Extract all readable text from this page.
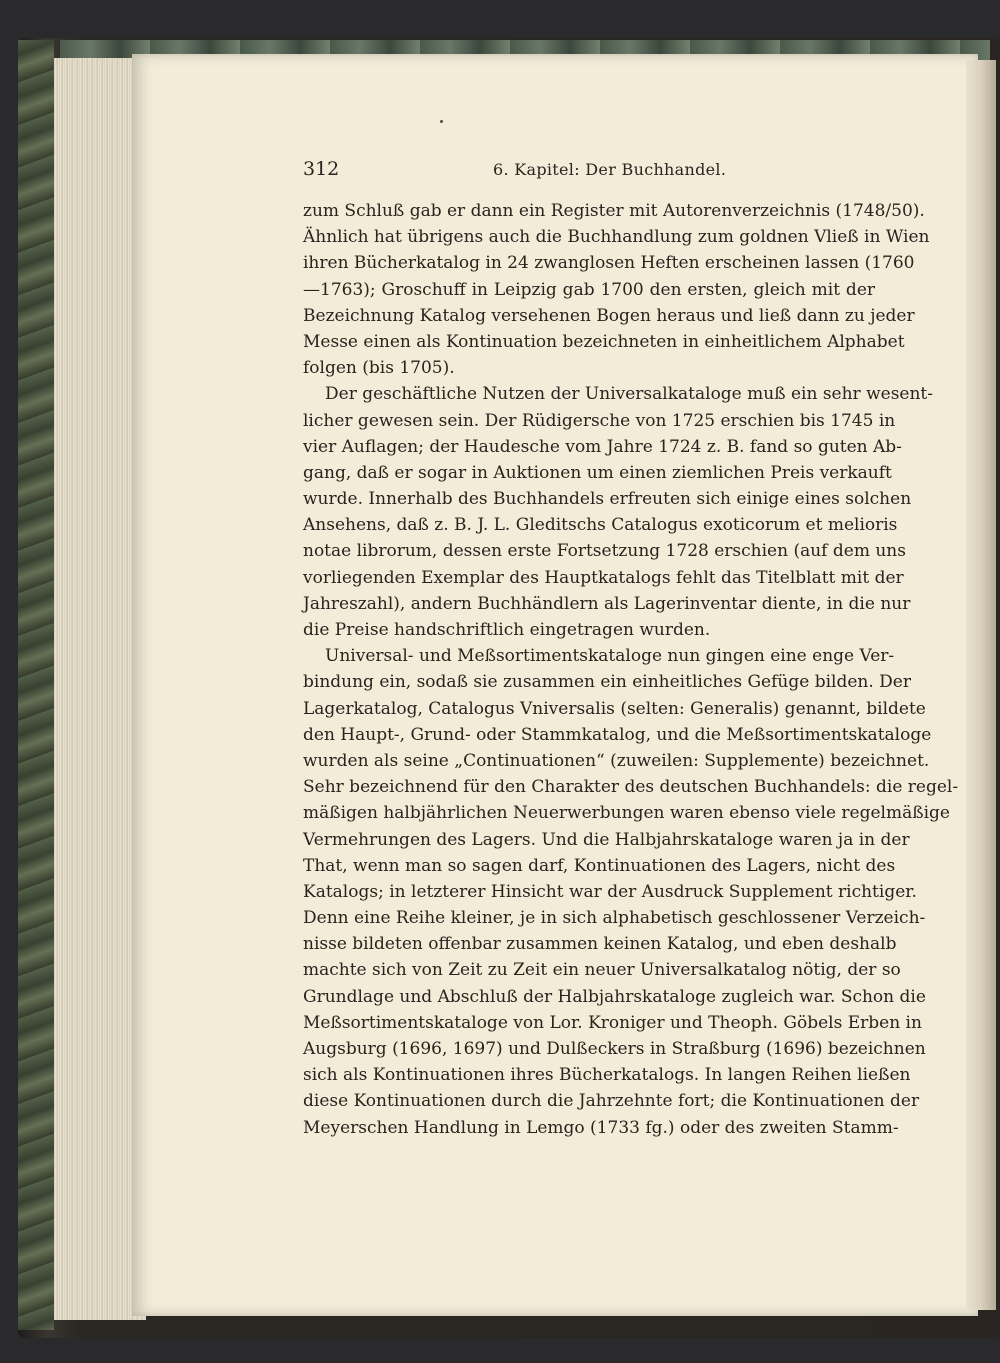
312	6. Kapitel: Der Buchhandel.
zum Schluß gab er dann ein Register mit Autorenverzeichnis (1748/50).
Ähnlich hat übrigens auch die Buchhandlung zum goldnen Vließ in Wien
ihren Bücherkatalog in 24 zwanglosen Heften erscheinen lassen (1760
—1763); Groschuff in Leipzig gab 1700 den ersten, gleich mit der
Bezeichnung Katalog versehenen Bogen heraus und ließ dann zu jeder
Messe einen als Kontinuation bezeichneten in einheitlichem Alphabet
folgen (bis 1705).
Der geschäftliche Nutzen der Universalkataloge muß ein sehr wesent-
licher gewesen sein. Der Rüdigersche von 1725 erschien bis 1745 in
vier Auflagen; der Haudesche vom Jahre 1724 z. B. fand so guten Ab-
gang, daß er sogar in Auktionen um einen ziemlichen Preis verkauft
wurde. Innerhalb des Buchhandels erfreuten sich einige eines solchen
Ansehens, daß z. B. J. L. Gleditschs Catalogus exoticorum et melioris
notae librorum, dessen erste Fortsetzung 1728 erschien (auf dem uns
vorliegenden Exemplar des Hauptkatalogs fehlt das Titelblatt mit der
Jahreszahl), andern Buchhändlern als Lagerinventar diente, in die nur
die Preise handschriftlich eingetragen wurden.
Universal- und Meßsortimentskataloge nun gingen eine enge Ver-
bindung ein, sodaß sie zusammen ein einheitliches Gefüge bilden. Der
Lagerkatalog, Catalogus Vniversalis (selten: Generalis) genannt, bildete
den Haupt-, Grund- oder Stammkatalog, und die Meßsortimentskataloge
wurden als seine „Continuationen“ (zuweilen: Supplemente) bezeichnet.
Sehr bezeichnend für den Charakter des deutschen Buchhandels: die regel-
mäßigen halbjährlichen Neuerwerbungen waren ebenso viele regelmäßige
Vermehrungen des Lagers. Und die Halbjahrskataloge waren ja in der
That, wenn man so sagen darf, Kontinuationen des Lagers, nicht des
Katalogs; in letzterer Hinsicht war der Ausdruck Supplement richtiger.
Denn eine Reihe kleiner, je in sich alphabetisch geschlossener Verzeich-
nisse bildeten offenbar zusammen keinen Katalog, und eben deshalb
machte sich von Zeit zu Zeit ein neuer Universalkatalog nötig, der so
Grundlage und Abschluß der Halbjahrskataloge zugleich war. Schon die
Meßsortimentskataloge von Lor. Kroniger und Theoph. Göbels Erben in
Augsburg (1696, 1697) und Dulßeckers in Straßburg (1696) bezeichnen
sich als Kontinuationen ihres Bücherkatalogs. In langen Reihen ließen
diese Kontinuationen durch die Jahrzehnte fort; die Kontinuationen der
Meyerschen Handlung in Lemgo (1733 fg.) oder des zweiten Stamm-
